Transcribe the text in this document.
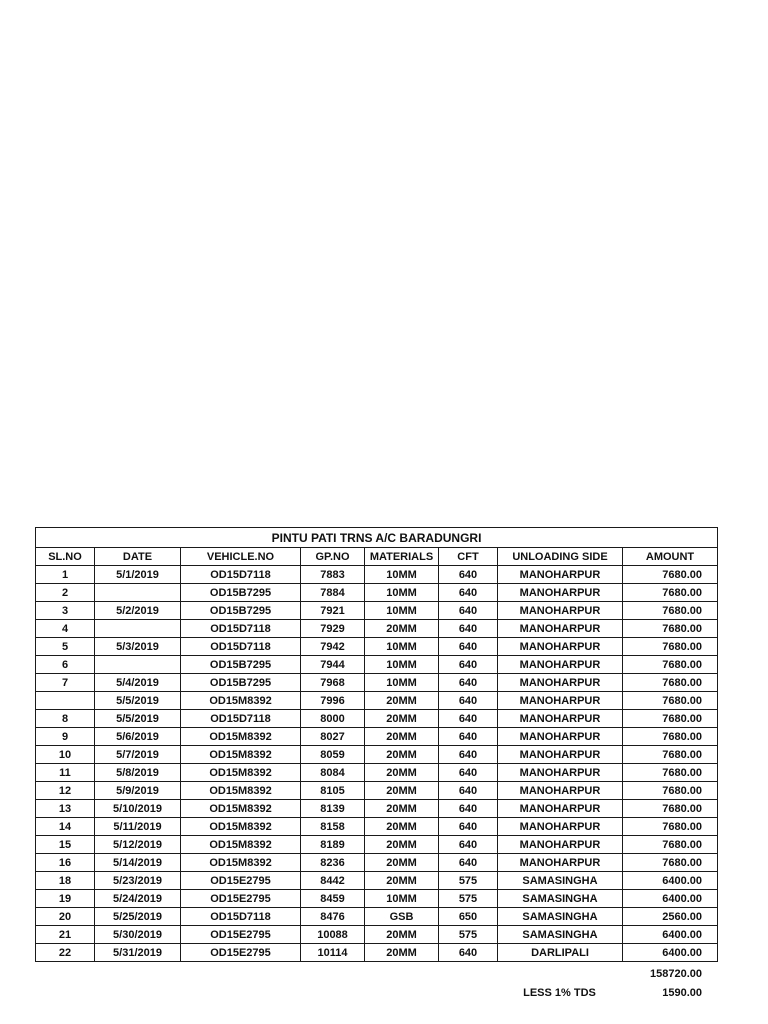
PINTU PATI TRNS A/C BARADUNGRI							
SL.NO	DATE	VEHICLE.NO	GP.NO	MATERIALS	CFT	UNLOADING SIDE	AMOUNT
1	5/1/2019	OD15D7118	7883	10MM	640	MANOHARPUR	7680.00
2		OD15B7295	7884	10MM	640	MANOHARPUR	7680.00
3	5/2/2019	OD15B7295	7921	10MM	640	MANOHARPUR	7680.00
4		OD15D7118	7929	20MM	640	MANOHARPUR	7680.00
5	5/3/2019	OD15D7118	7942	10MM	640	MANOHARPUR	7680.00
6		OD15B7295	7944	10MM	640	MANOHARPUR	7680.00
7	5/4/2019	OD15B7295	7968	10MM	640	MANOHARPUR	7680.00
	5/5/2019	OD15M8392	7996	20MM	640	MANOHARPUR	7680.00
8	5/5/2019	OD15D7118	8000	20MM	640	MANOHARPUR	7680.00
9	5/6/2019	OD15M8392	8027	20MM	640	MANOHARPUR	7680.00
10	5/7/2019	OD15M8392	8059	20MM	640	MANOHARPUR	7680.00
11	5/8/2019	OD15M8392	8084	20MM	640	MANOHARPUR	7680.00
12	5/9/2019	OD15M8392	8105	20MM	640	MANOHARPUR	7680.00
13	5/10/2019	OD15M8392	8139	20MM	640	MANOHARPUR	7680.00
14	5/11/2019	OD15M8392	8158	20MM	640	MANOHARPUR	7680.00
15	5/12/2019	OD15M8392	8189	20MM	640	MANOHARPUR	7680.00
16	5/14/2019	OD15M8392	8236	20MM	640	MANOHARPUR	7680.00
18	5/23/2019	OD15E2795	8442	20MM	575	SAMASINGHA	6400.00
19	5/24/2019	OD15E2795	8459	10MM	575	SAMASINGHA	6400.00
20	5/25/2019	OD15D7118	8476	GSB	650	SAMASINGHA	2560.00
21	5/30/2019	OD15E2795	10088	20MM	575	SAMASINGHA	6400.00
22	5/31/2019	OD15E2795	10114	20MM	640	DARLIPALI	6400.00
158720.00
LESS 1% TDS	1590.00
